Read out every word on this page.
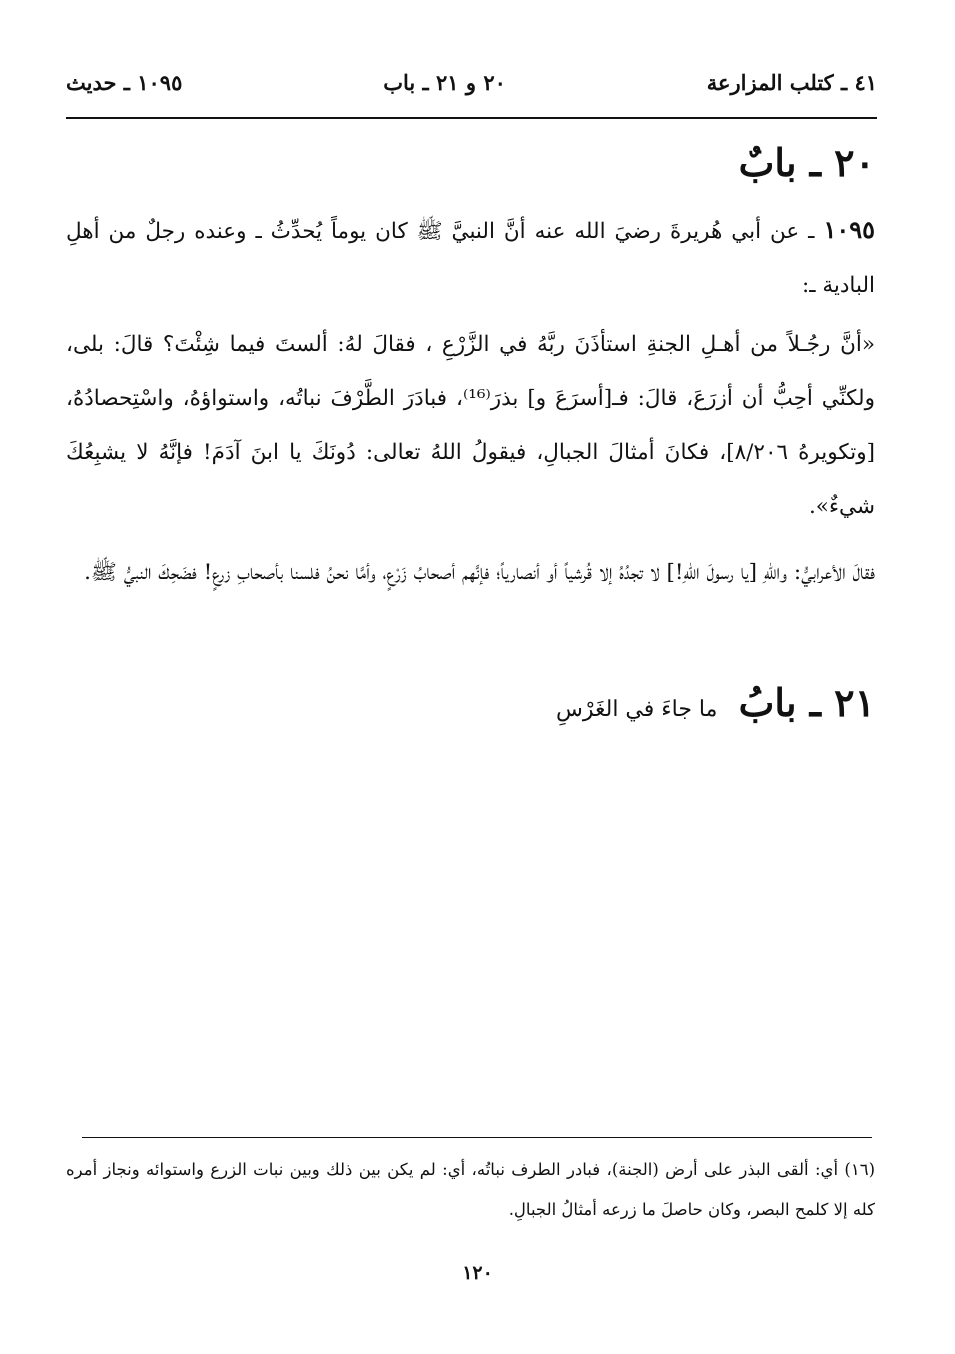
٤١ ـ كتلب المزارعة
٢٠ و ٢١ ـ باب
١٠٩٥ ـ حديث
٢٠ ـ بابٌ
١٠٩٥ ـ عن أبي هُريرةَ رضيَ الله عنه أنَّ النبيَّ ﷺ كان يوماً يُحدِّثُ ـ وعنده رجلٌ من أهلِ البادية ـ:
«أنَّ رجُـلاً من أهـلِ الجنةِ استأذَنَ ربَّهُ في الزَّرْعِ ، فقالَ لهُ: ألستَ فيما شِئْتَ؟ قالَ: بلى، ولكنِّي أحِبُّ أن أزرَعَ، قالَ: فـ[أسرَعَ و] بذرَ⁽¹⁶⁾، فبادَرَ الطَّرْفَ نباتُه، واستواؤهُ، واسْتِحصادُهُ، [وتكويرهُ ٨/٢٠٦]، فكانَ أمثالَ الجبالِ، فيقولُ اللهُ تعالى: دُونَكَ يا ابنَ آدَمَ! فإنَّهُ لا يشبِعُكَ شيءٌ».
فقالَ الأعرابيُّ: واللهِ [يا رسولَ اللهِ!] لا تجدُهُ إلا قُرشياً أو أنصارياً؛ فإنَّهم أصحابُ زَرْعٍ، وأمَّا نحنُ فلسنا بأصحابِ زرعٍ! فضَحِكَ النبيُّ ﷺ.
٢١ ـ بابُ ما جاءَ في الغَرْسِ
(١٦) أي: ألقى البذر على أرض (الجنة)، فبادر الطرف نباتُه، أي: لم يكن بين ذلك وبين نبات الزرع واستوائه ونجاز أمره كله إلا كلمح البصر، وكان حاصلَ ما زرعه أمثالُ الجبالِ.
١٢٠
